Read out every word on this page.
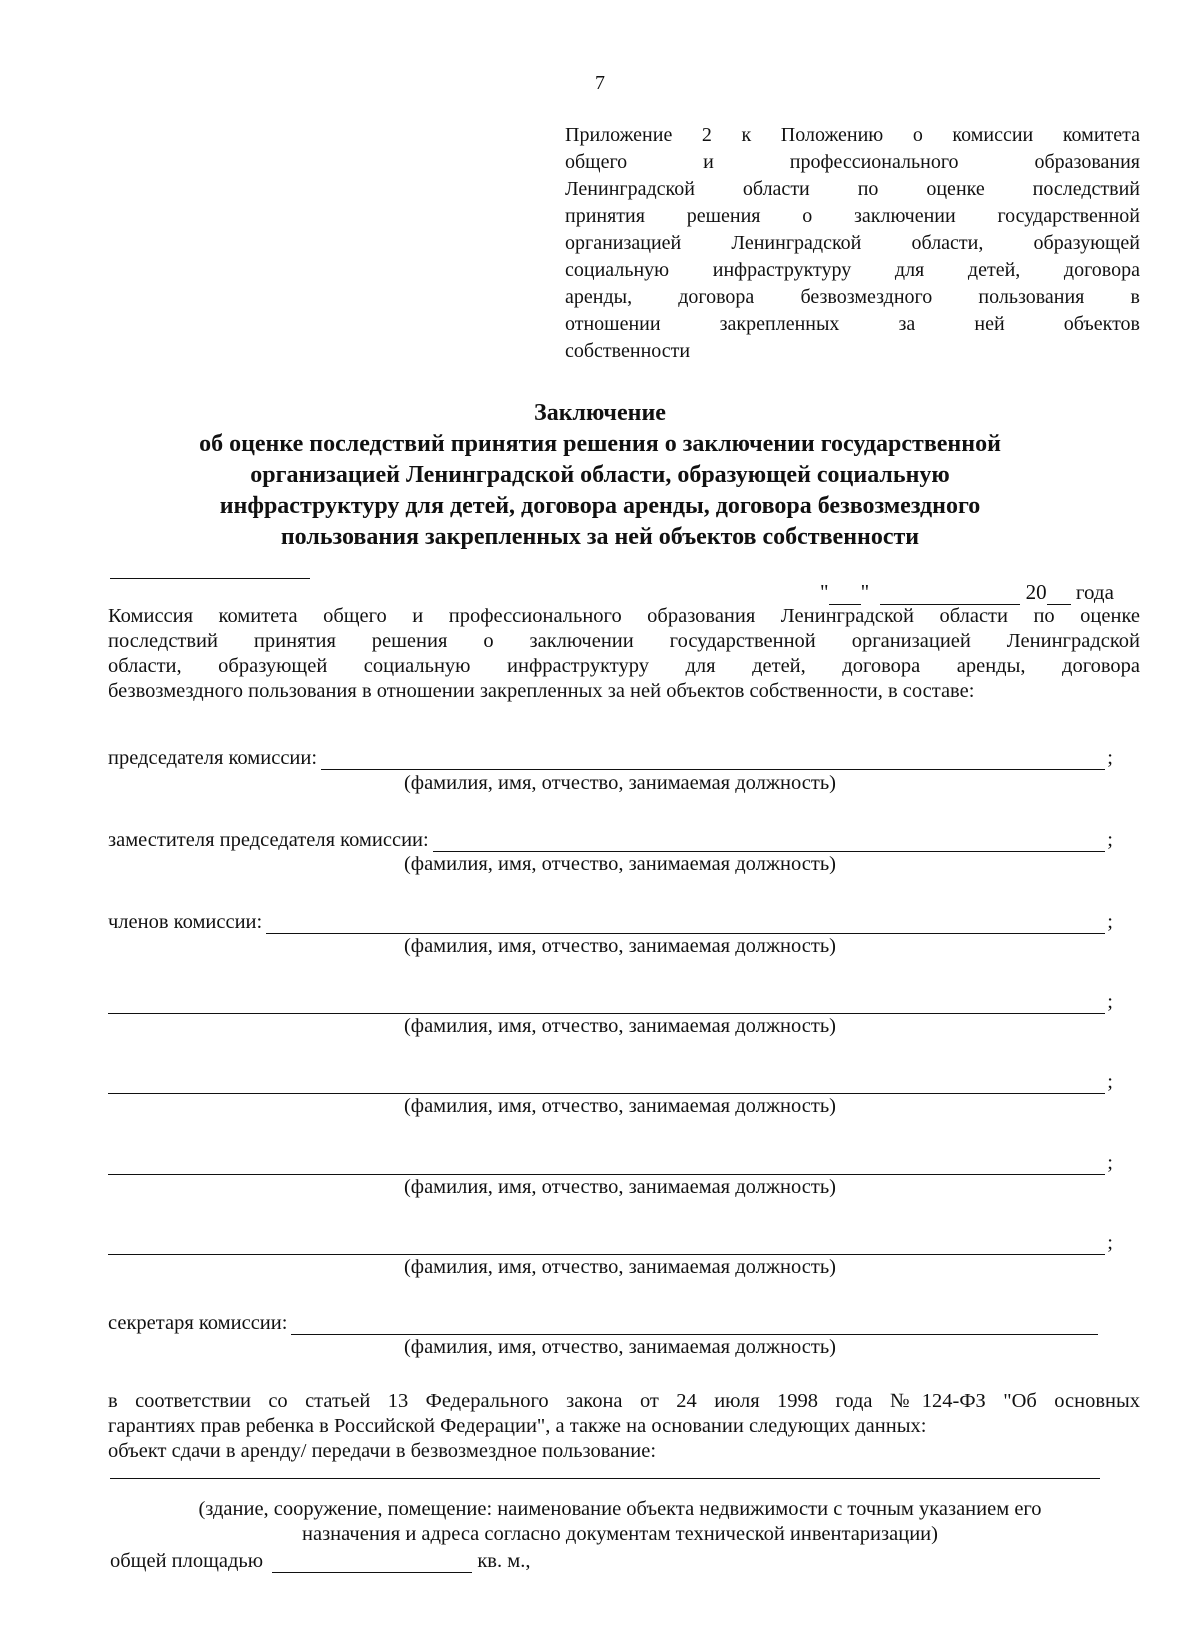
7
Приложение 2 к Положению о комиссии комитета
общего и профессионального образования
Ленинградской области по оценке последствий
принятия решения о заключении государственной
организацией Ленинградской области, образующей
социальную инфраструктуру для детей, договора
аренды, договора безвозмездного пользования в
отношении закрепленных за ней объектов
собственности
Заключение
об оценке последствий принятия решения о заключении государственной
организацией Ленинградской области, образующей социальную
инфраструктуру для детей, договора аренды, договора безвозмездного
пользования закрепленных за ней объектов собственности
" "	20 года
Комиссия комитета общего и профессионального образования Ленинградской области по оценке
последствий принятия решения о заключении государственной организацией Ленинградской
области, образующей социальную инфраструктуру для детей, договора аренды, договора
безвозмездного пользования в отношении закрепленных за ней объектов собственности, в составе:
председателя комиссии:	;
(фамилия, имя, отчество, занимаемая должность)
заместителя председателя комиссии:	;
(фамилия, имя, отчество, занимаемая должность)
членов комиссии:	;
(фамилия, имя, отчество, занимаемая должность)
;
(фамилия, имя, отчество, занимаемая должность)
;
(фамилия, имя, отчество, занимаемая должность)
;
(фамилия, имя, отчество, занимаемая должность)
;
(фамилия, имя, отчество, занимаемая должность)
секретаря комиссии:
(фамилия, имя, отчество, занимаемая должность)
в соответствии со статьей 13 Федерального закона от 24 июля 1998 года №124-ФЗ "Об основных
гарантиях прав ребенка в Российской Федерации", а также на основании следующих данных:
объект сдачи в аренду/ передачи в безвозмездное пользование:
(здание, сооружение, помещение: наименование объекта недвижимости с точным указанием его
назначения и адреса согласно документам технической инвентаризации)
общей площадью	кв. м.,
